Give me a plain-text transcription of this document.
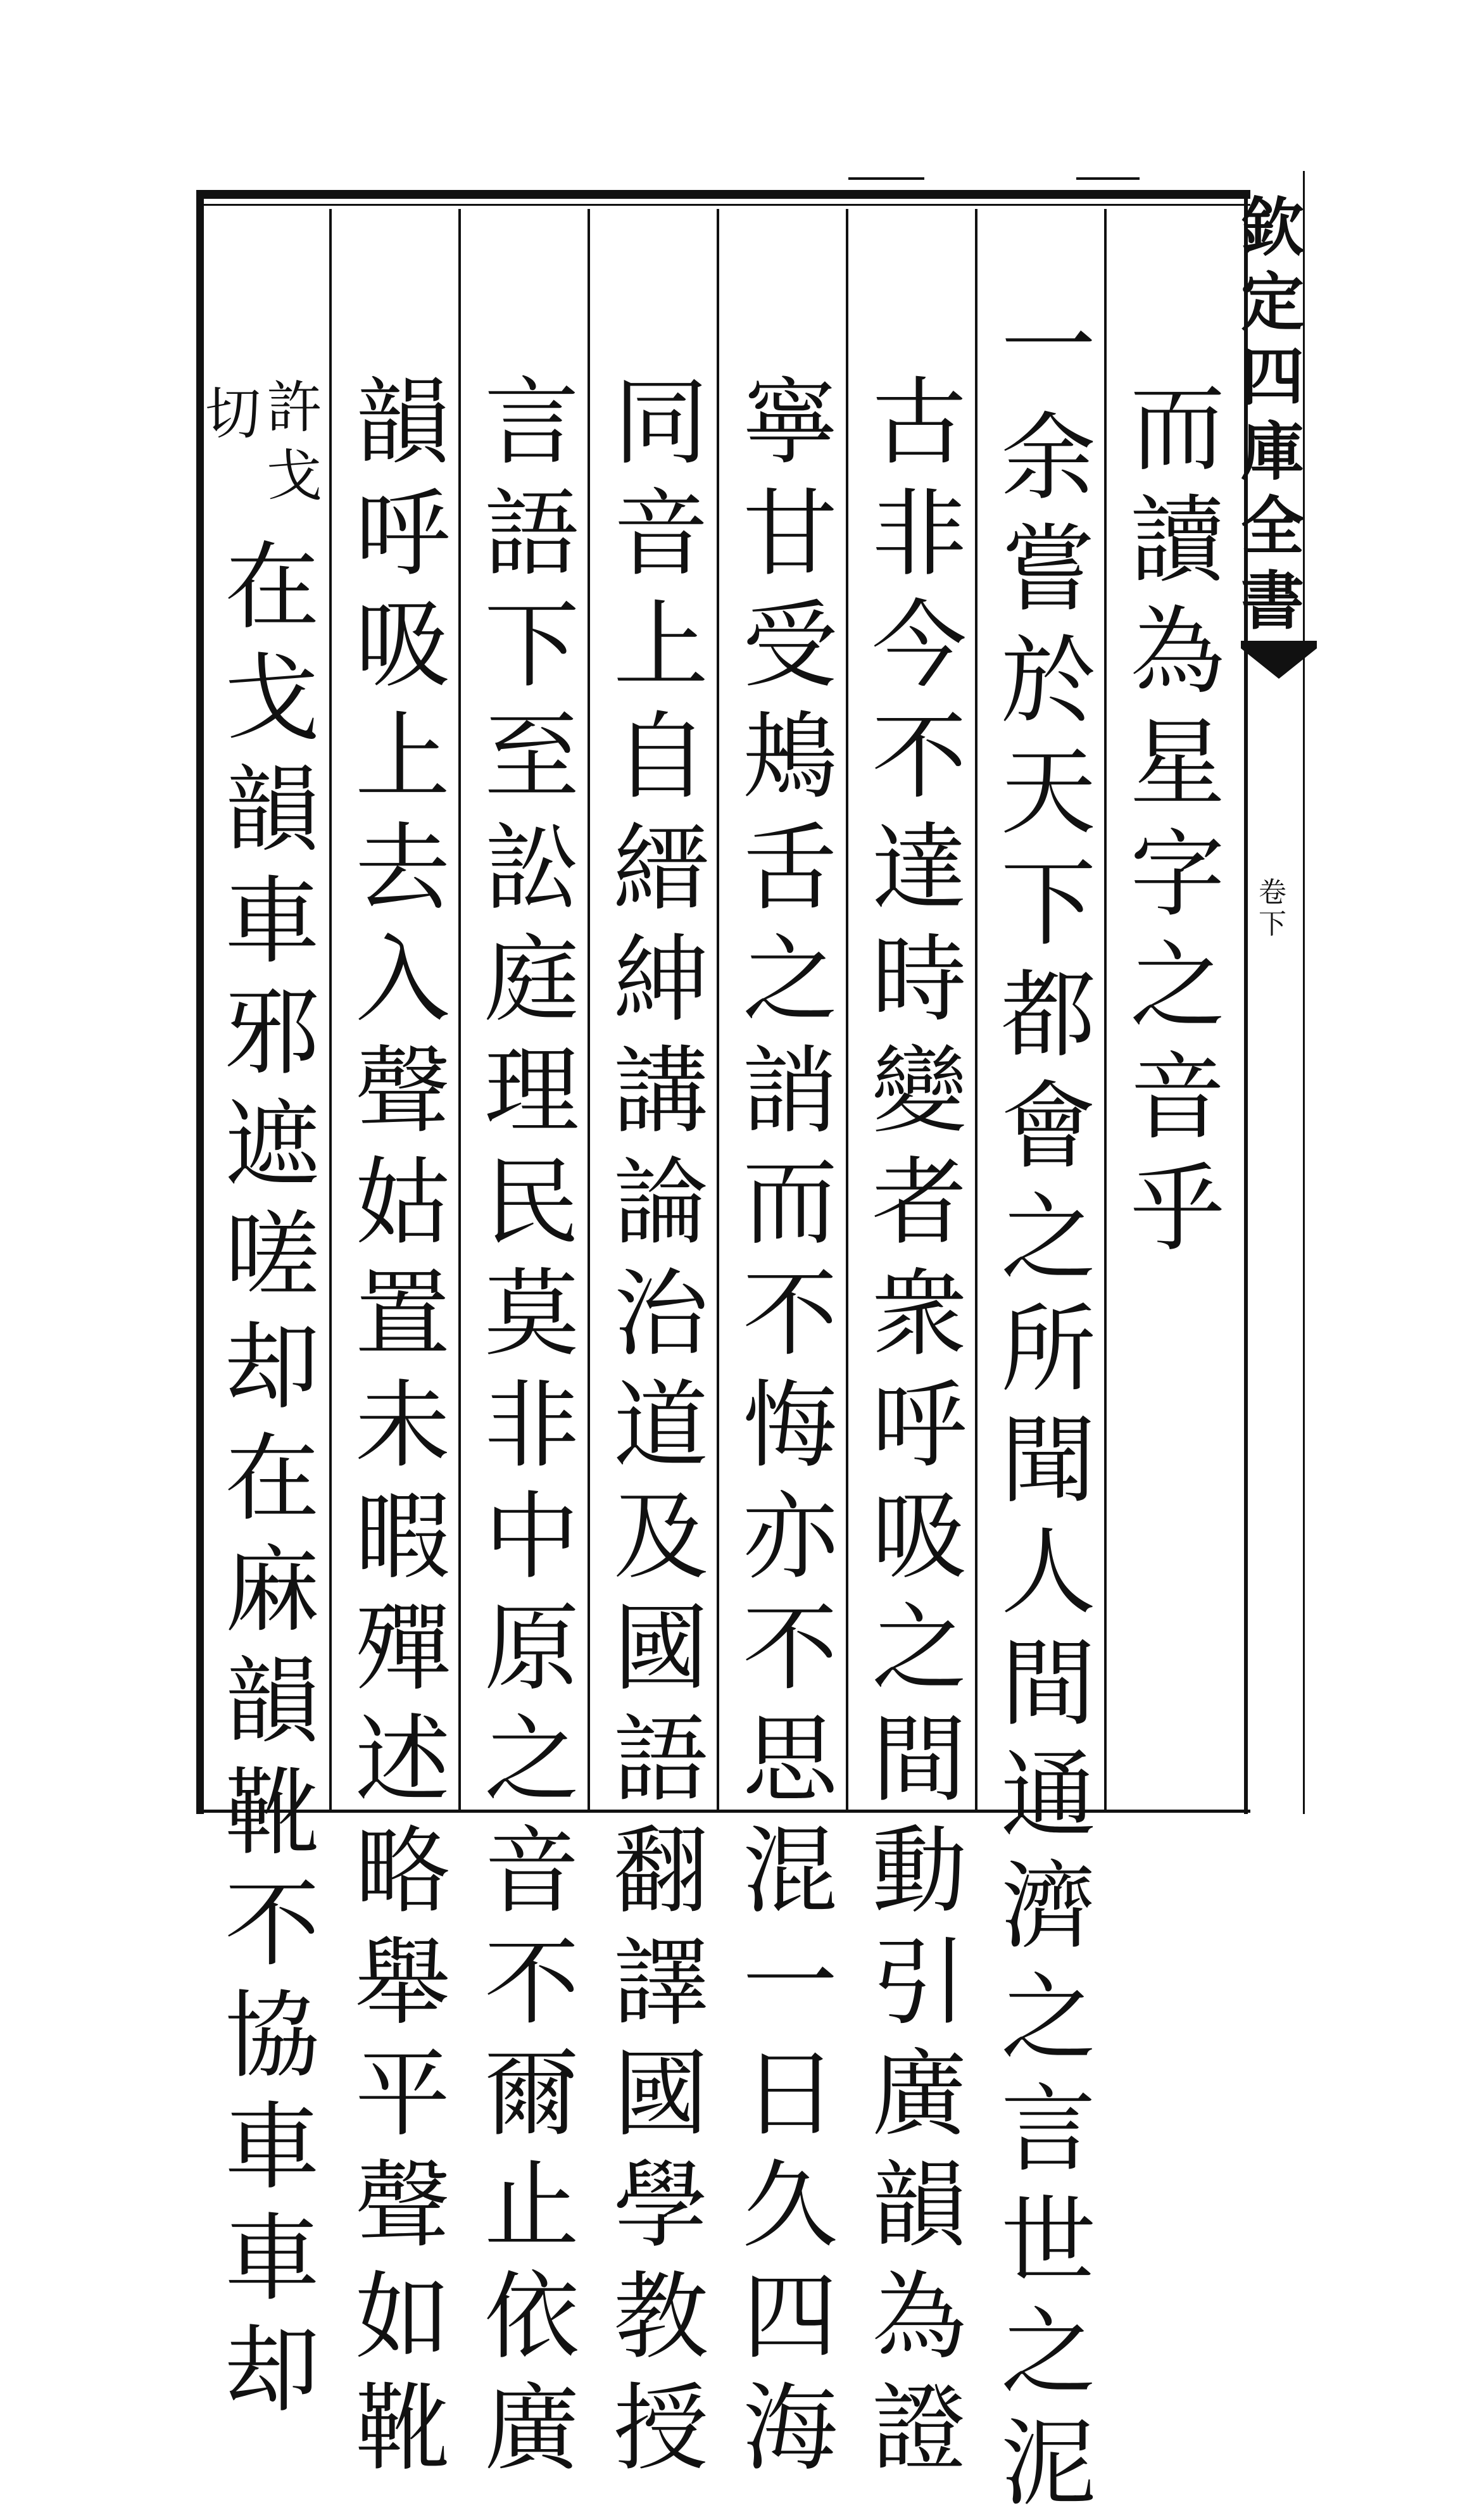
欽
定
四
庫
全
書
卷
下
而
讀
為
星
字
之
音
乎
一
余
嘗
於
天
下
都
會
之
所
聞
人
間
通
濟
之
言
世
之
泥
古
非
今
不
達
時
變
者
衆
呼
吸
之
間
動
引
廣
韻
為
證
寧
甘
受
鴂
舌
之
誚
而
不
悔
亦
不
思
混
一
日
久
四
海
同
音
上
自
縉
紳
講
論
治
道
及
國
語
翻
譯
國
學
教
授
言
語
下
至
訟
庭
理
民
莫
非
中
原
之
音
不
爾
止
依
廣
韻
呼
吸
上
去
入
聲
姑
置
未
暇
殫
述
略
舉
平
聲
如
靴
許
戈
切
在
戈
韻
車
邪
遮
嗟
却
在
麻
韻
靴
不
協
車
車
却
